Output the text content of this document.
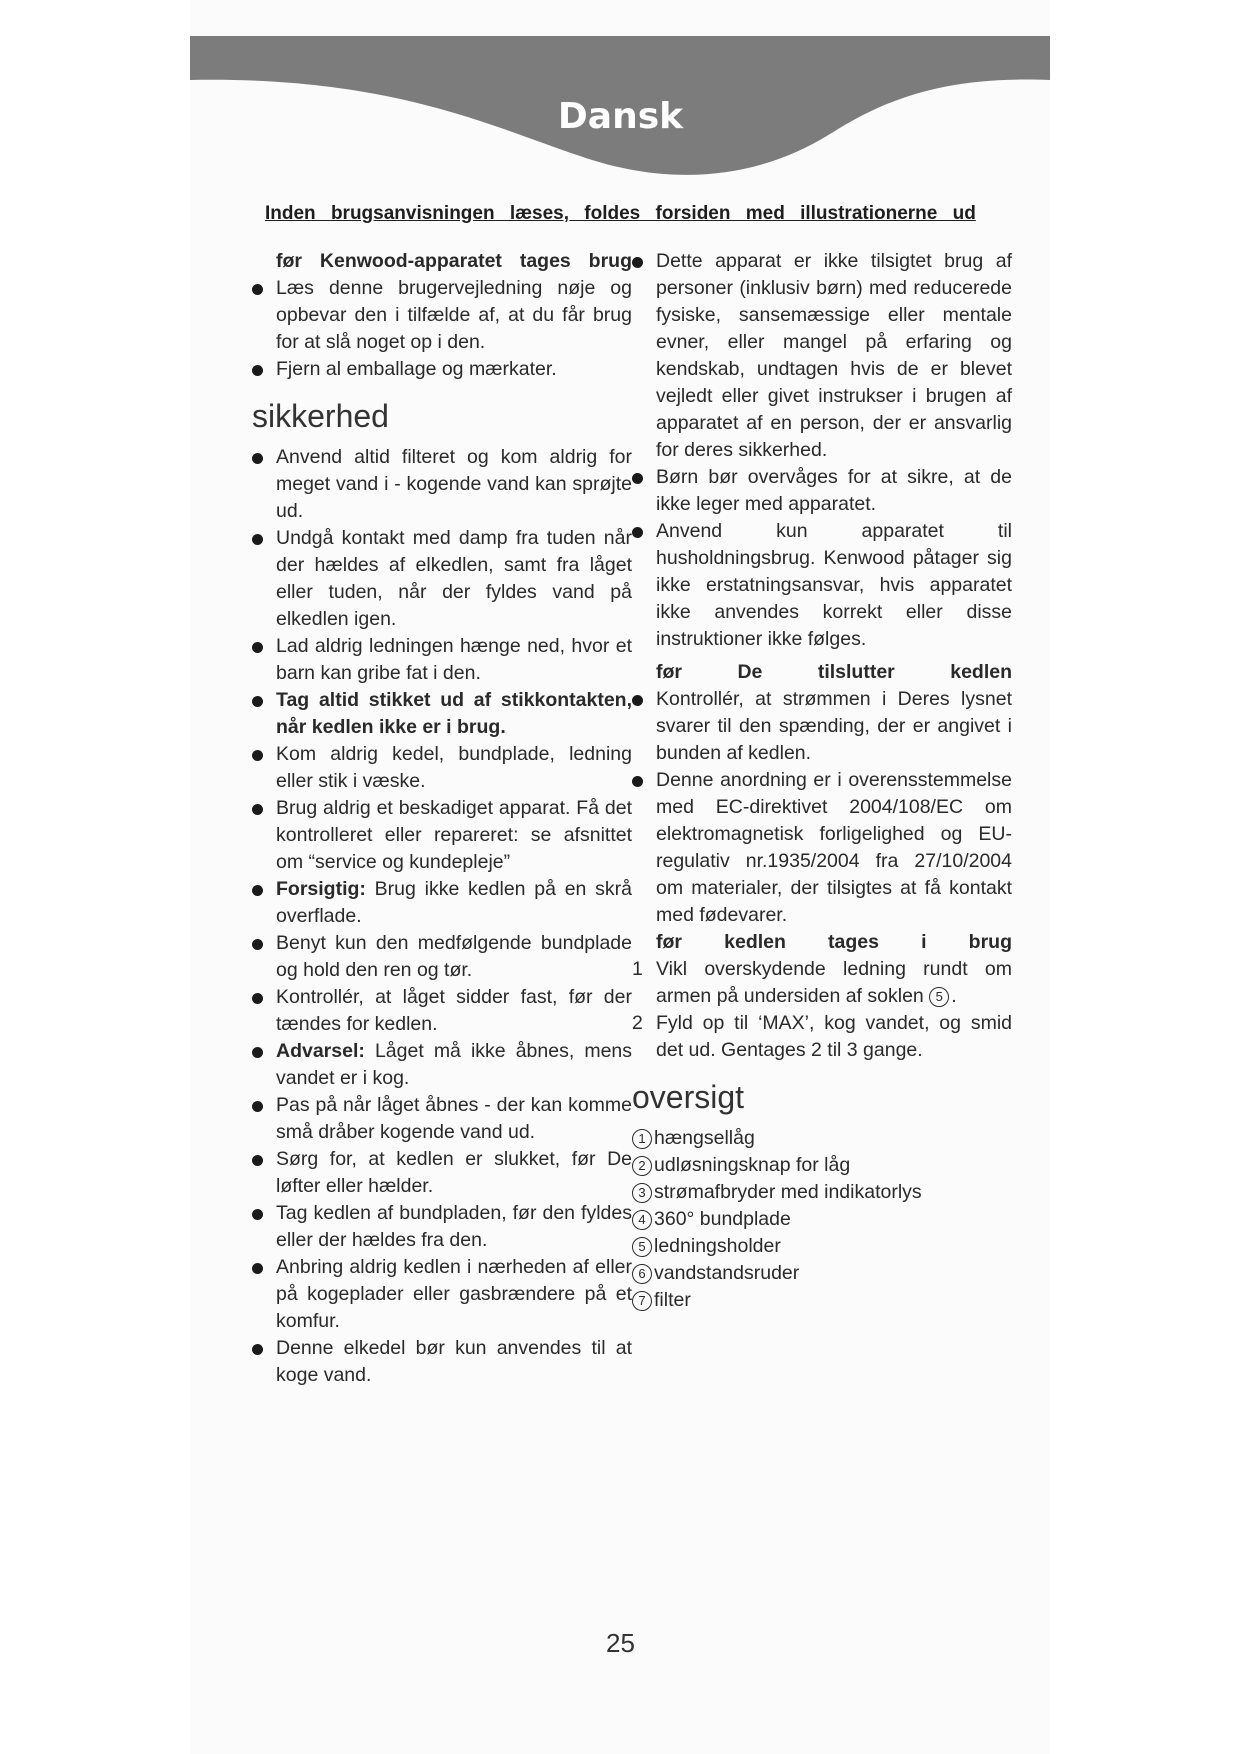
Dansk
Inden brugsanvisningen læses, foldes forsiden med illustrationerne ud

før Kenwood-apparatet tages brug

Læs denne brugervejledning nøje og opbevar den i tilfælde af, at du får brug for at slå noget op i den.
Fjern al emballage og mærkater.
sikkerhed
Anvend altid filteret og kom aldrig for meget vand i - kogende vand kan sprøjte ud.
Undgå kontakt med damp fra tuden når der hældes af elkedlen, samt fra låget eller tuden, når der fyldes vand på elkedlen igen.
Lad aldrig ledningen hænge ned, hvor et barn kan gribe fat i den.
Tag altid stikket ud af stikkontakten, når kedlen ikke er i brug.
Kom aldrig kedel, bundplade, ledning eller stik i væske.
Brug aldrig et beskadiget apparat. Få det kontrolleret eller repareret: se afsnittet om “service og kundepleje”
Forsigtig: Brug ikke kedlen på en skrå overflade.
Benyt kun den medfølgende bundplade og hold den ren og tør.
Kontrollér, at låget sidder fast, før der tændes for kedlen.
Advarsel: Låget må ikke åbnes, mens vandet er i kog.
Pas på når låget åbnes - der kan komme små dråber kogende vand ud.
Sørg for, at kedlen er slukket, før De løfter eller hælder.
Tag kedlen af bundpladen, før den fyldes eller der hældes fra den.
Anbring aldrig kedlen i nærheden af eller på kogeplader eller gasbrændere på et komfur.
Denne elkedel bør kun anvendes til at koge vand.
Dette apparat er ikke tilsigtet brug af personer (inklusiv børn) med reducerede fysiske, sansemæssige eller mentale evner, eller mangel på erfaring og kendskab, undtagen hvis de er blevet vejledt eller givet instrukser i brugen af apparatet af en person, der er ansvarlig for deres sikkerhed.
Børn bør overvåges for at sikre, at de ikke leger med apparatet.
Anvend kun apparatet til husholdningsbrug. Kenwood påtager sig ikke erstatningsansvar, hvis apparatet ikke anvendes korrekt eller disse instruktioner ikke følges.

før De tilslutter kedlen

Kontrollér, at strømmen i Deres lysnet svarer til den spænding, der er angivet i bunden af kedlen.
Denne anordning er i overensstemmelse med EC-direktivet 2004/108/EC om elektromagnetisk forligelighed og EU-regulativ nr.1935/2004 fra 27/10/2004 om materialer, der tilsigtes at få kontakt med fødevarer.

før kedlen tages i brug

1 Vikl overskydende ledning rundt om armen på undersiden af soklen 5 .
2 Fyld op til ‘MAX’, kog vandet, og smid det ud. Gentages 2 til 3 gange.
oversigt
1 hængsellåg
2 udløsningsknap for låg
3 strømafbryder med indikatorlys
4 360° bundplade
5 ledningsholder
6 vandstandsruder
7 filter
25
